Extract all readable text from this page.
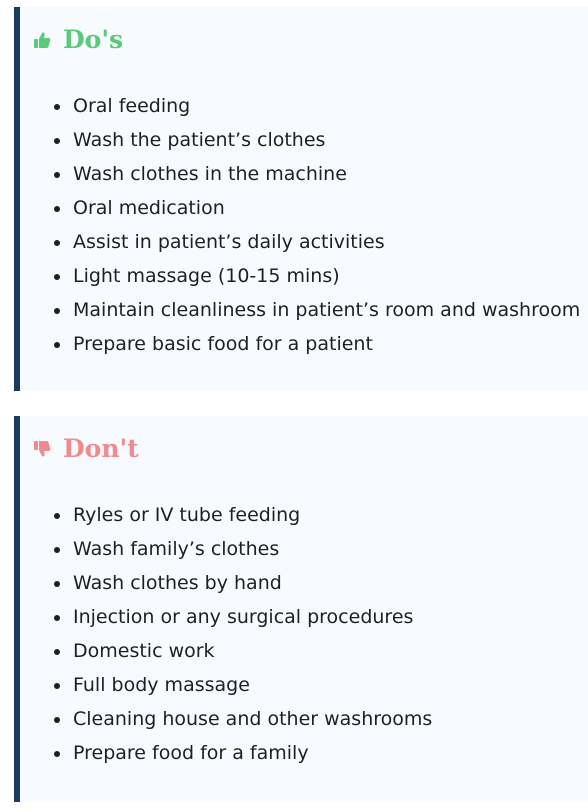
Do's
Oral feeding
Wash the patient’s clothes
Wash clothes in the machine
Oral medication
Assist in patient’s daily activities
Light massage (10-15 mins)
Maintain cleanliness in patient’s room and washroom
Prepare basic food for a patient
Don't
Ryles or IV tube feeding
Wash family’s clothes
Wash clothes by hand
Injection or any surgical procedures
Domestic work
Full body massage
Cleaning house and other washrooms
Prepare food for a family
